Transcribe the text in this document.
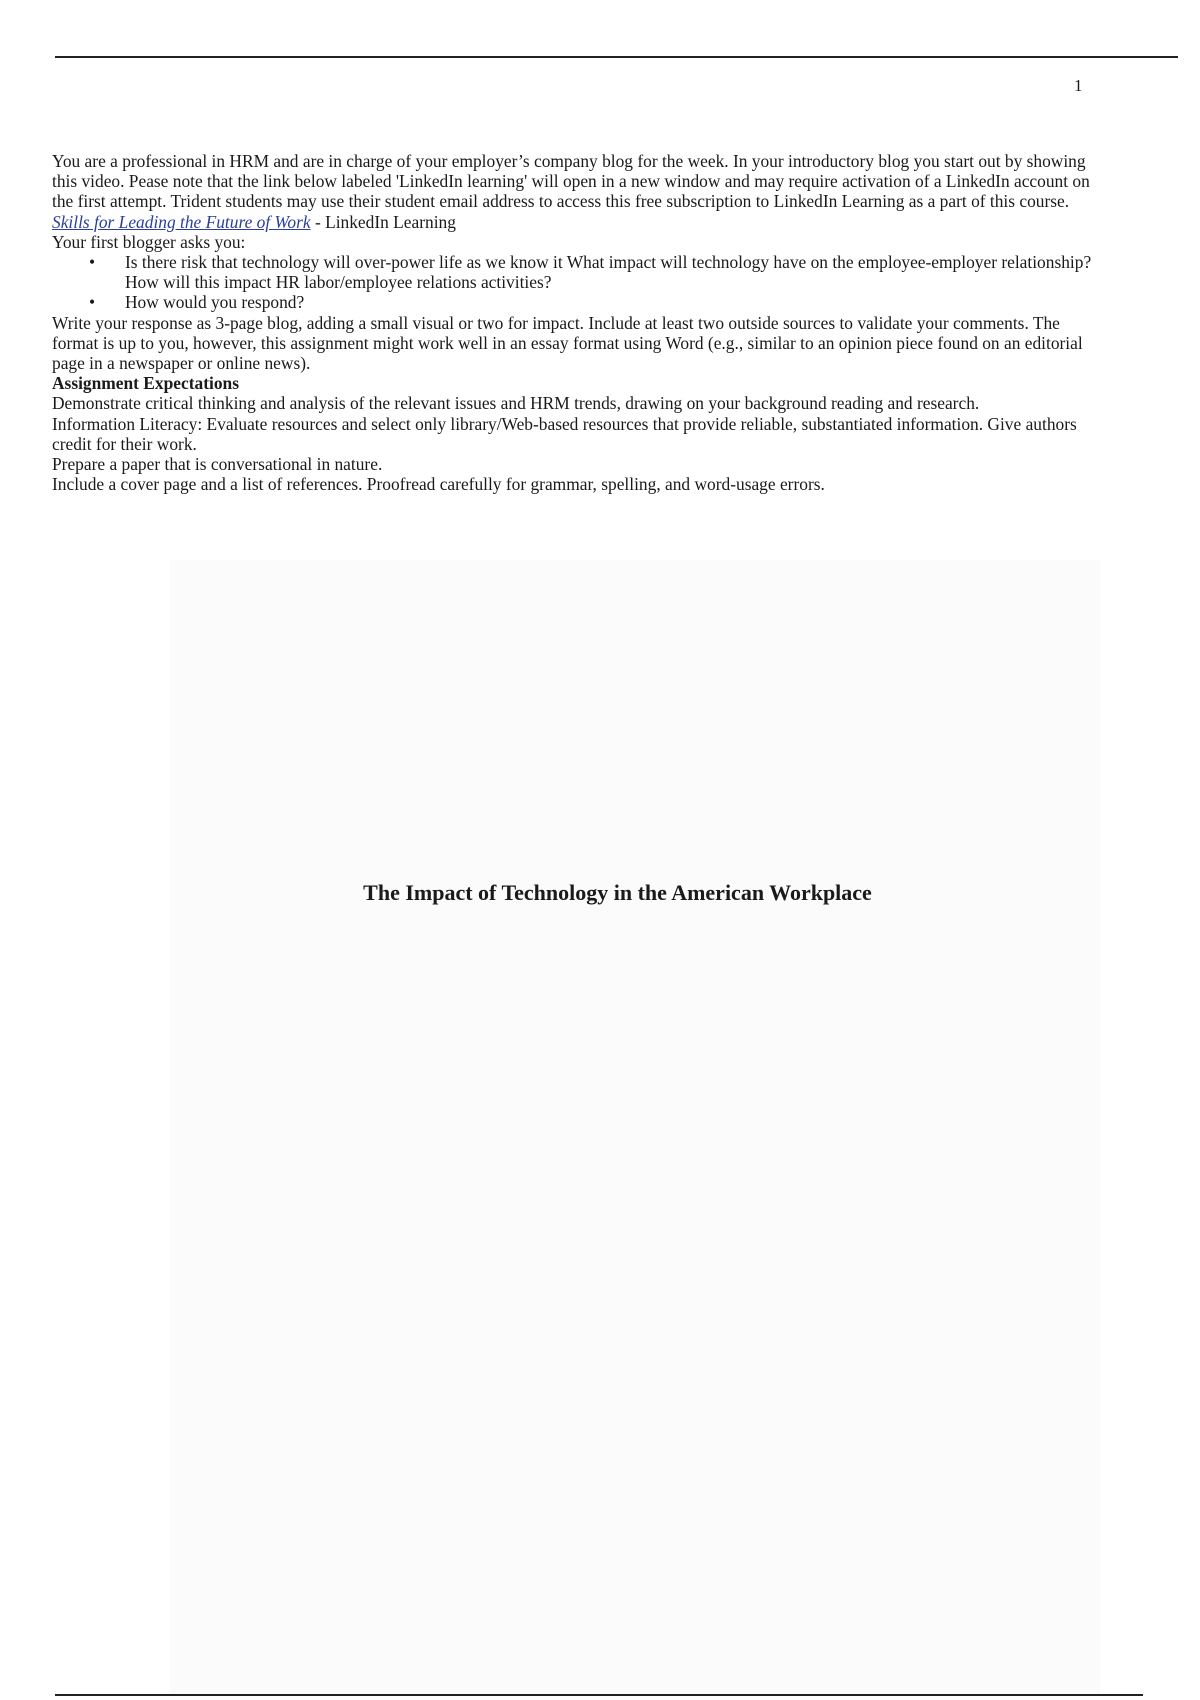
1

You are a professional in HRM and are in charge of your employer’s company blog for the week. In your introductory blog you start out by showing this video. Pease note that the link below labeled 'LinkedIn learning' will open in a new window and may require activation of a LinkedIn account on the first attempt. Trident students may use their student email address to access this free subscription to LinkedIn Learning as a part of this course.

Skills for Leading the Future of Work - LinkedIn Learning

Your first blogger asks you:

• Is there risk that technology will over-power life as we know it What impact will technology have on the employee-employer relationship? How will this impact HR labor/employee relations activities?
• How would you respond?

Write your response as 3-page blog, adding a small visual or two for impact. Include at least two outside sources to validate your comments. The format is up to you, however, this assignment might work well in an essay format using Word (e.g., similar to an opinion piece found on an editorial page in a newspaper or online news).

Assignment Expectations

Demonstrate critical thinking and analysis of the relevant issues and HRM trends, drawing on your background reading and research.

Information Literacy: Evaluate resources and select only library/Web-based resources that provide reliable, substantiated information. Give authors credit for their work.

Prepare a paper that is conversational in nature.

Include a cover page and a list of references. Proofread carefully for grammar, spelling, and word-usage errors.

The Impact of Technology in the American Workplace
